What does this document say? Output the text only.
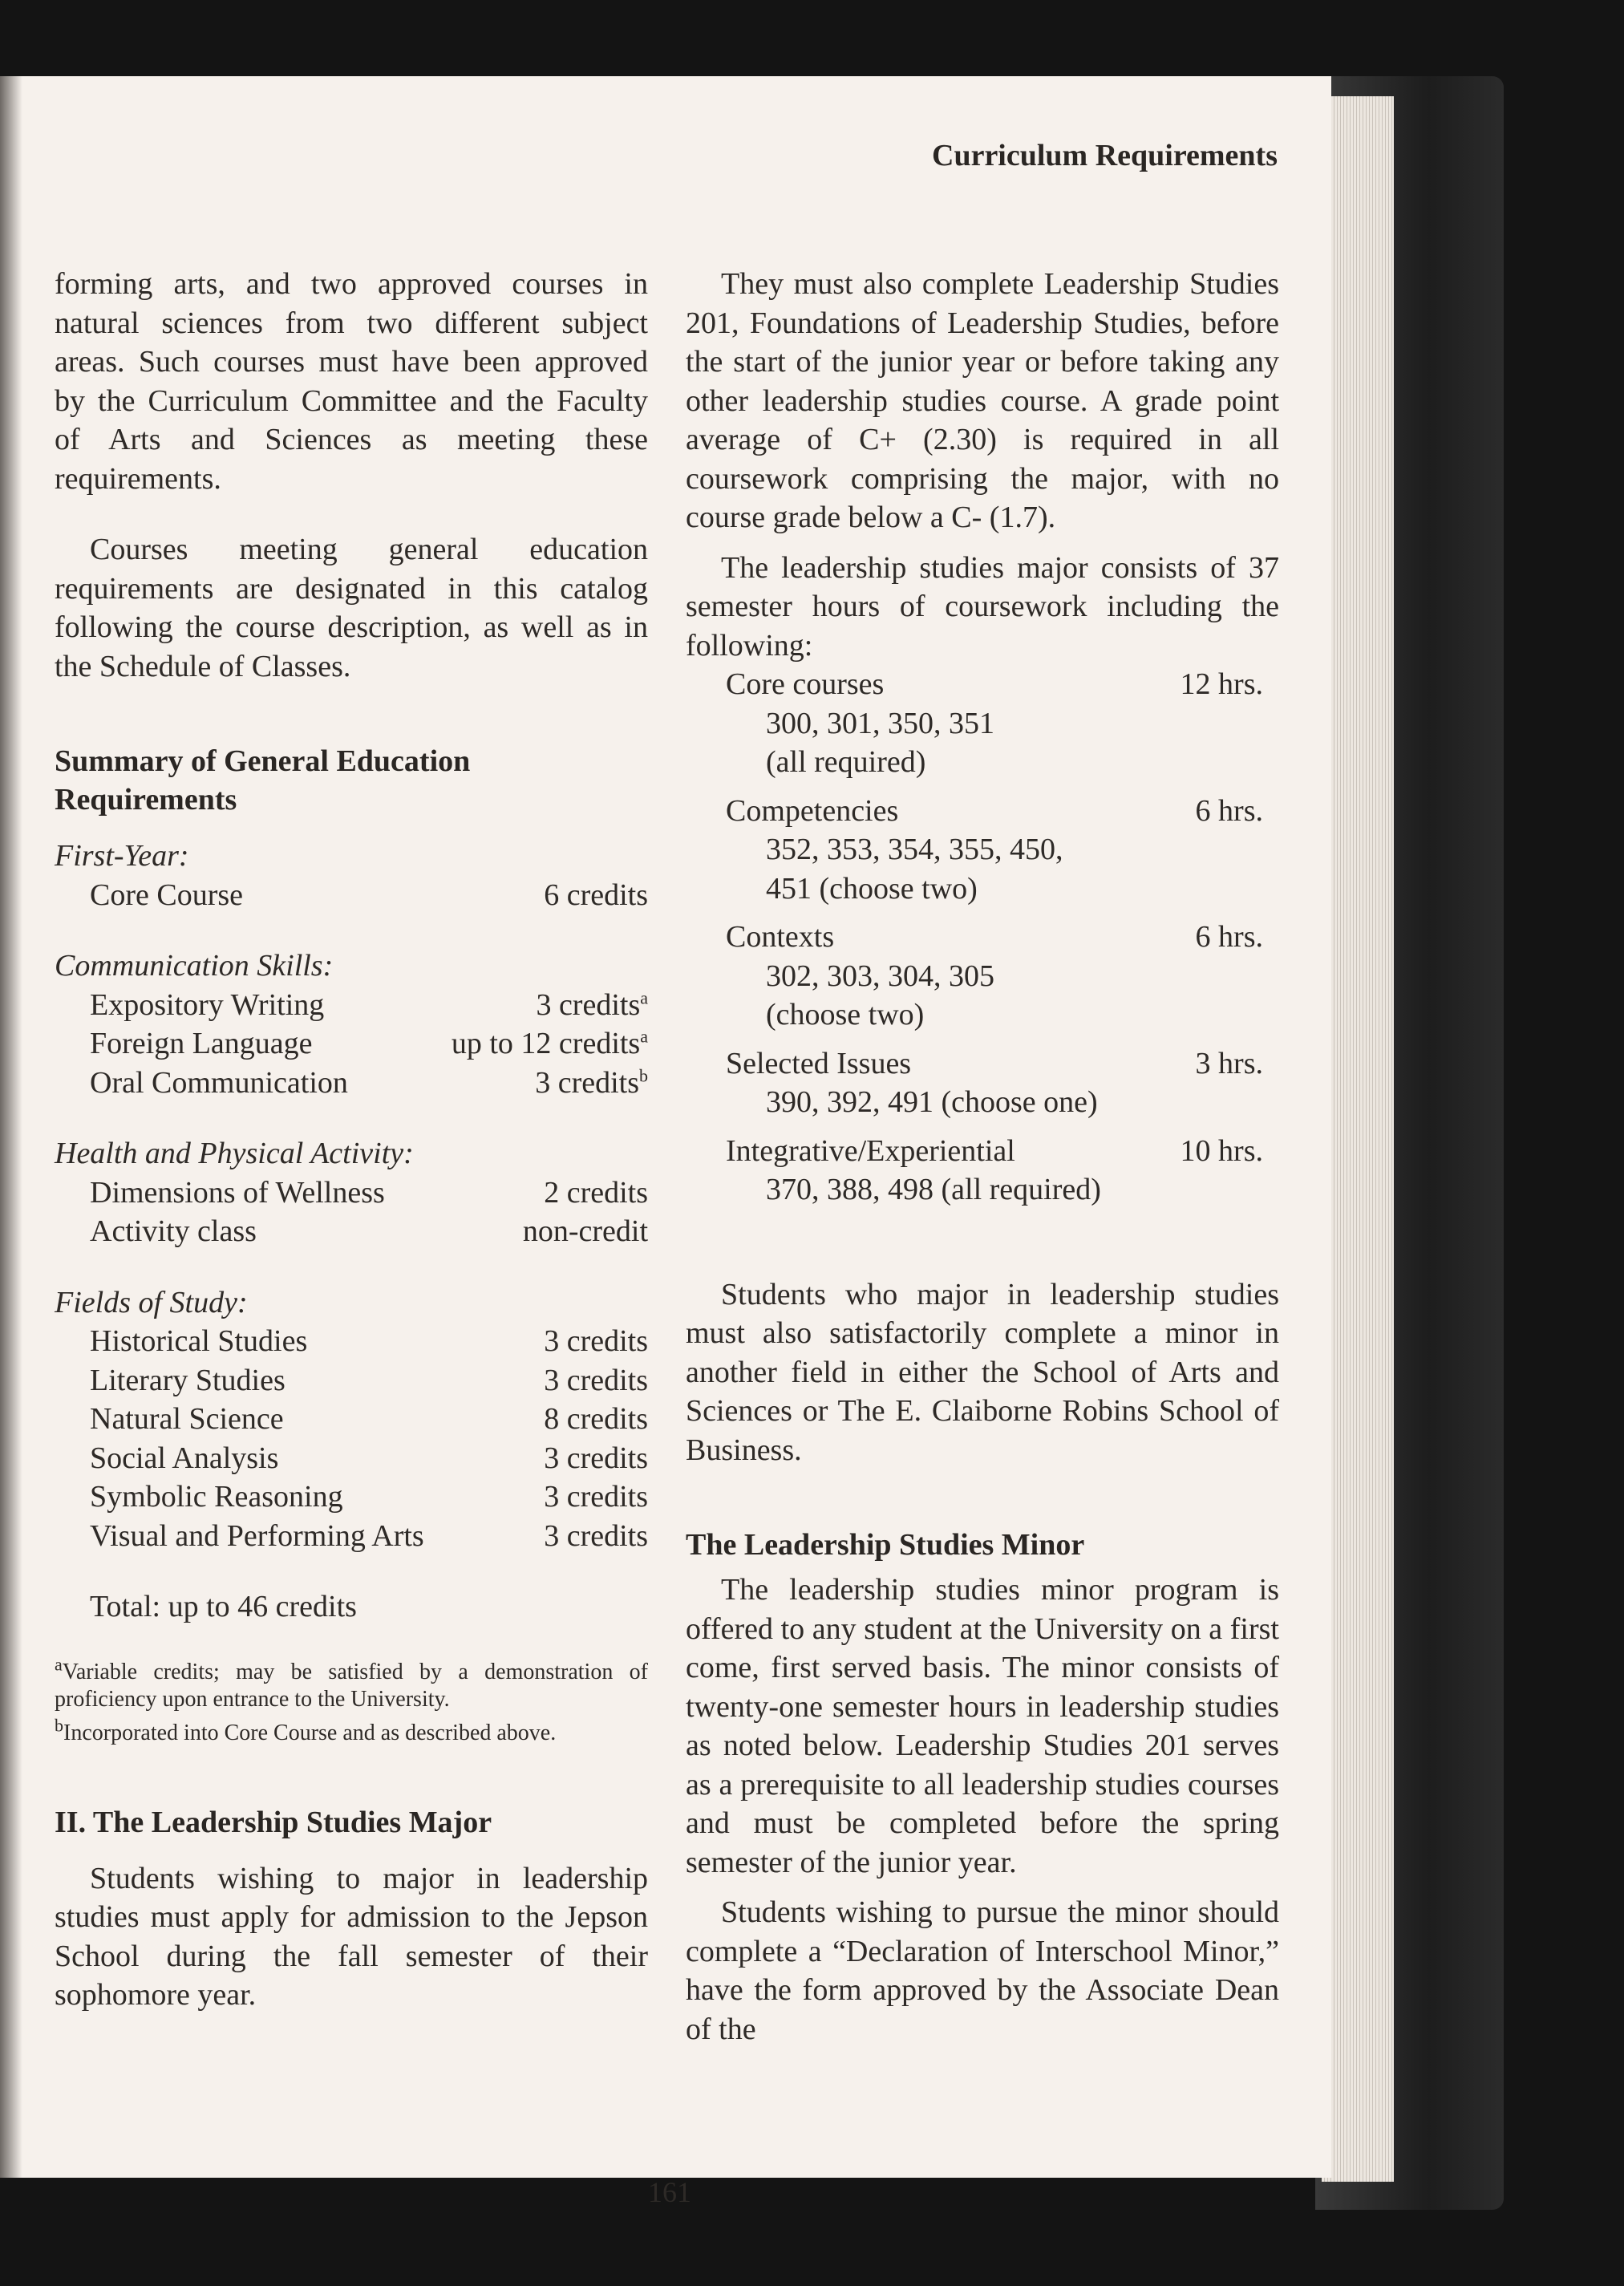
Curriculum Requirements

forming arts, and two approved courses in natural sciences from two different subject areas. Such courses must have been approved by the Curriculum Committee and the Faculty of Arts and Sciences as meeting these requirements.

Courses meeting general education requirements are designated in this catalog following the course description, as well as in the Schedule of Classes.

Summary of General Education Requirements

First-Year:

Core Course	6 credits

Communication Skills:

Expository Writing	3 credits$^a$
Foreign Language	up to 12 credits$^a$
Oral Communication	3 credits$^b$

Health and Physical Activity:

Dimensions of Wellness	2 credits
Activity class	non-credit

Fields of Study:

Historical Studies	3 credits
Literary Studies	3 credits
Natural Science	8 credits
Social Analysis	3 credits
Symbolic Reasoning	3 credits
Visual and Performing Arts	3 credits
Total: up to 46 credits

$^a$Variable credits; may be satisfied by a demonstration of proficiency upon entrance to the University.

$^b$Incorporated into Core Course and as described above.

II. The Leadership Studies Major

Students wishing to major in leadership studies must apply for admission to the Jepson School during the fall semester of their sophomore year.

They must also complete Leadership Studies 201, Foundations of Leadership Studies, before the start of the junior year or before taking any other leadership studies course. A grade point average of C+ (2.30) is required in all coursework comprising the major, with no course grade below a C- (1.7).

The leadership studies major consists of 37 semester hours of coursework including the following:

Core courses	12 hrs.
300, 301, 350, 351
(all required)
Competencies	6 hrs.
352, 353, 354, 355, 450,
451 (choose two)
Contexts	6 hrs.
302, 303, 304, 305
(choose two)
Selected Issues	3 hrs.
390, 392, 491 (choose one)
Integrative/Experiential	10 hrs.
370, 388, 498 (all required)

Students who major in leadership studies must also satisfactorily complete a minor in another field in either the School of Arts and Sciences or The E. Claiborne Robins School of Business.

The Leadership Studies Minor

The leadership studies minor program is offered to any student at the University on a first come, first served basis. The minor consists of twenty-one semester hours in leadership studies as noted below. Leadership Studies 201 serves as a prerequisite to all leadership studies courses and must be completed before the spring semester of the junior year.

Students wishing to pursue the minor should complete a “Declaration of Interschool Minor,” have the form approved by the Associate Dean of the

161
